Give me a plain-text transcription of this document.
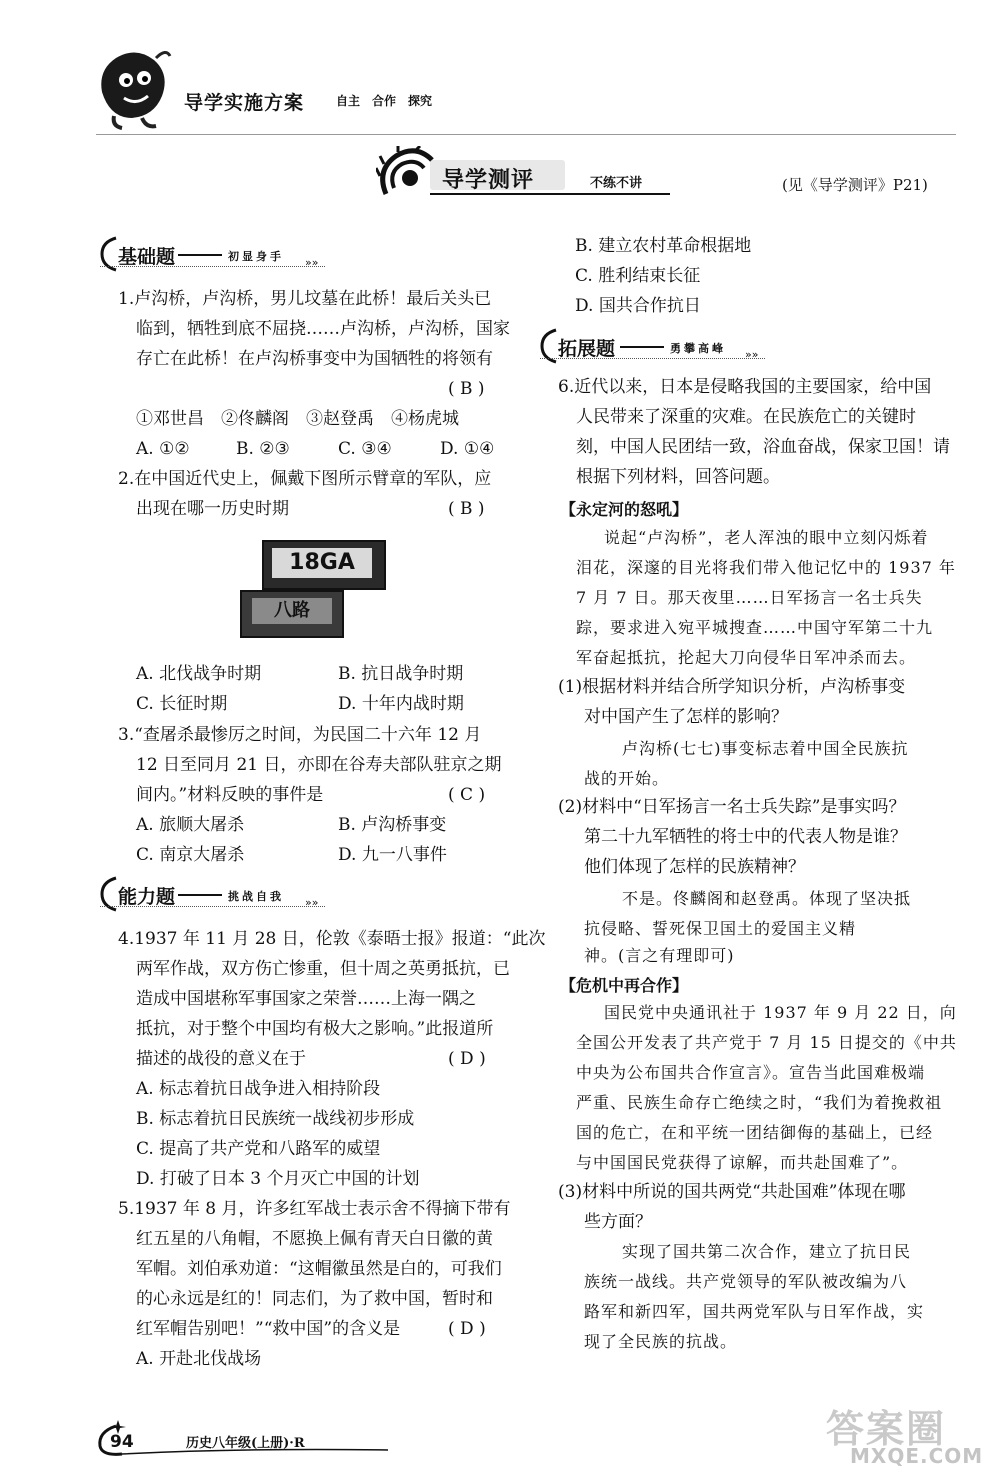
导学实施方案	自主　合作　探究
导学测评	不练不讲	(见《导学测评》P21)
基础题	初显身手 »»
1.卢沟桥，卢沟桥，男儿坟墓在此桥！最后关头已
临到，牺牲到底不屈挠……卢沟桥，卢沟桥，国家
存亡在此桥！在卢沟桥事变中为国牺牲的将领有
( B )
①邓世昌　②佟麟阁　③赵登禹　④杨虎城
A. ①②	B. ②③	C. ③④	D. ①④
2.在中国近代史上，佩戴下图所示臂章的军队，应
出现在哪一历史时期	( B )
18GA
八路
A. 北伐战争时期	B. 抗日战争时期
C. 长征时期	D. 十年内战时期
3.“查屠杀最惨厉之时间，为民国二十六年 12 月
12 日至同月 21 日，亦即在谷寿夫部队驻京之期
间内。”材料反映的事件是	( C )
A. 旅顺大屠杀	B. 卢沟桥事变
C. 南京大屠杀	D. 九一八事件
能力题	挑战自我 »»
4.1937 年 11 月 28 日，伦敦《泰晤士报》报道：“此次
两军作战，双方伤亡惨重，但十周之英勇抵抗，已
造成中国堪称军事国家之荣誉……上海一隅之
抵抗，对于整个中国均有极大之影响。”此报道所
描述的战役的意义在于	( D )
A. 标志着抗日战争进入相持阶段
B. 标志着抗日民族统一战线初步形成
C. 提高了共产党和八路军的威望
D. 打破了日本 3 个月灭亡中国的计划
5.1937 年 8 月，许多红军战士表示舍不得摘下带有
红五星的八角帽，不愿换上佩有青天白日徽的黄
军帽。刘伯承劝道：“这帽徽虽然是白的，可我们
的心永远是红的！同志们，为了救中国，暂时和
红军帽告别吧！”“救中国”的含义是	( D )
A. 开赴北伐战场
B. 建立农村革命根据地
C. 胜利结束长征
D. 国共合作抗日
拓展题	勇攀高峰 »»
6.近代以来，日本是侵略我国的主要国家，给中国
人民带来了深重的灾难。在民族危亡的关键时
刻，中国人民团结一致，浴血奋战，保家卫国！请
根据下列材料，回答问题。
【永定河的怒吼】
说起“卢沟桥”，老人浑浊的眼中立刻闪烁着
泪花，深邃的目光将我们带入他记忆中的 1937 年
7 月 7 日。那天夜里……日军扬言一名士兵失
踪，要求进入宛平城搜查……中国守军第二十九
军奋起抵抗，抡起大刀向侵华日军冲杀而去。
(1)根据材料并结合所学知识分析，卢沟桥事变
对中国产生了怎样的影响？
卢沟桥(七七)事变标志着中国全民族抗
战的开始。
(2)材料中“日军扬言一名士兵失踪”是事实吗？
第二十九军牺牲的将士中的代表人物是谁？
他们体现了怎样的民族精神？
不是。佟麟阁和赵登禹。体现了坚决抵
抗侵略、誓死保卫国土的爱国主义精
神。(言之有理即可)
【危机中再合作】
国民党中央通讯社于 1937 年 9 月 22 日，向
全国公开发表了共产党于 7 月 15 日提交的《中共
中央为公布国共合作宣言》。宣告当此国难极端
严重、民族生命存亡绝续之时，“我们为着挽救祖
国的危亡，在和平统一团结御侮的基础上，已经
与中国国民党获得了谅解，而共赴国难了”。
(3)材料中所说的国共两党“共赴国难”体现在哪
些方面？
实现了国共第二次合作，建立了抗日民
族统一战线。共产党领导的军队被改编为八
路军和新四军，国共两党军队与日军作战，实
现了全民族的抗战。
94	历史八年级(上册)·R	答案圈
MXQE.COM
